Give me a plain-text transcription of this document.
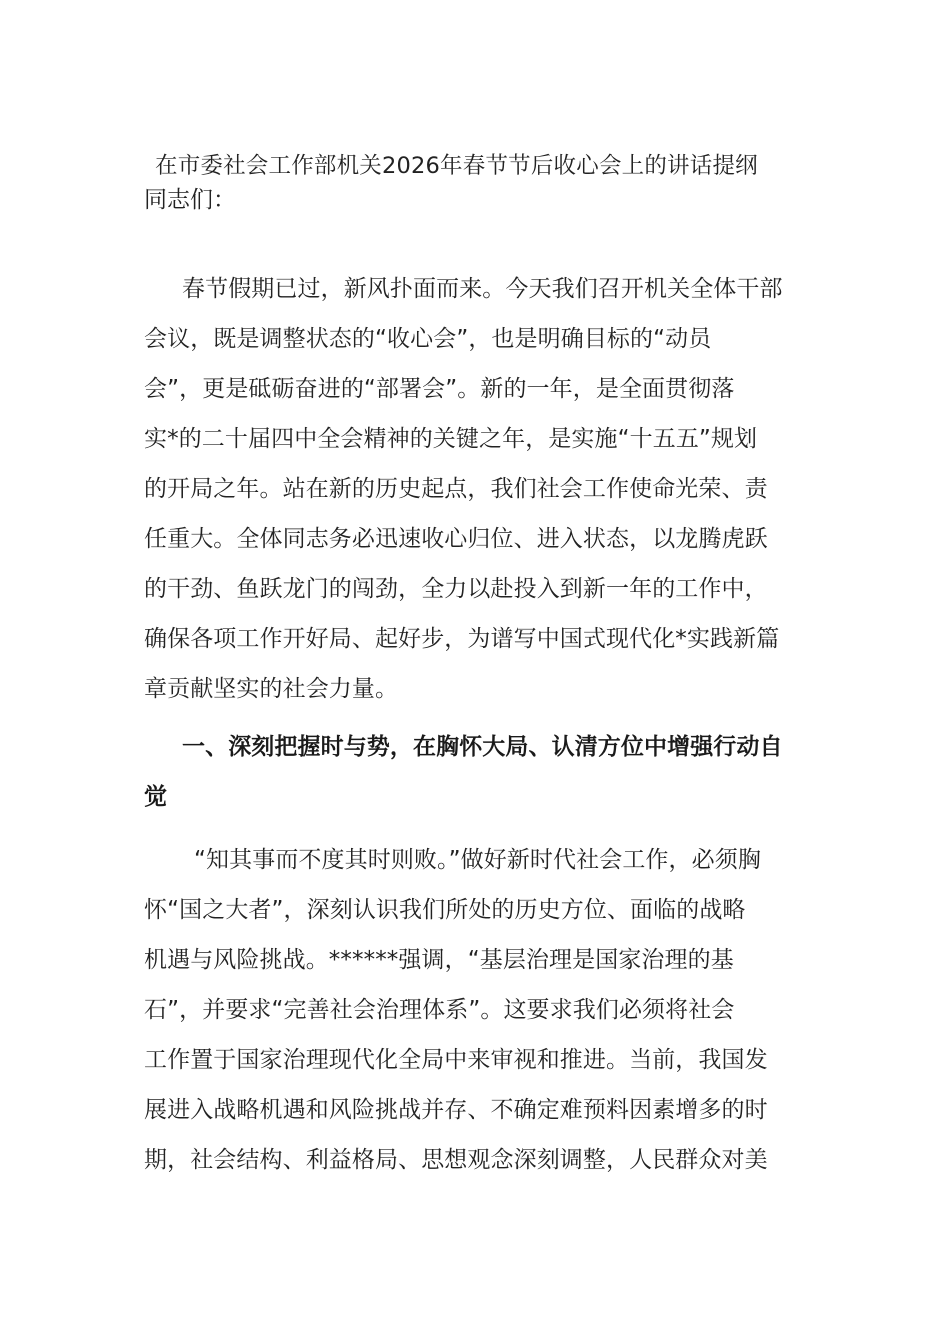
在市委社会工作部机关2026年春节节后收心会上的讲话提纲
同志们：
春节假期已过，新风扑面而来。今天我们召开机关全体干部
会议，既是调整状态的“收心会”，也是明确目标的“动员
会”，更是砥砺奋进的“部署会”。新的一年，是全面贯彻落
实*的二十届四中全会精神的关键之年，是实施“十五五”规划
的开局之年。站在新的历史起点，我们社会工作使命光荣、责
任重大。全体同志务必迅速收心归位、进入状态，以龙腾虎跃
的干劲、鱼跃龙门的闯劲，全力以赴投入到新一年的工作中，
确保各项工作开好局、起好步，为谱写中国式现代化*实践新篇
章贡献坚实的社会力量。
一、深刻把握时与势，在胸怀大局、认清方位中增强行动自
觉
“知其事而不度其时则败。”做好新时代社会工作，必须胸
怀“国之大者”，深刻认识我们所处的历史方位、面临的战略
机遇与风险挑战。******强调，“基层治理是国家治理的基
石”，并要求“完善社会治理体系”。这要求我们必须将社会
工作置于国家治理现代化全局中来审视和推进。当前，我国发
展进入战略机遇和风险挑战并存、不确定难预料因素增多的时
期，社会结构、利益格局、思想观念深刻调整，人民群众对美
